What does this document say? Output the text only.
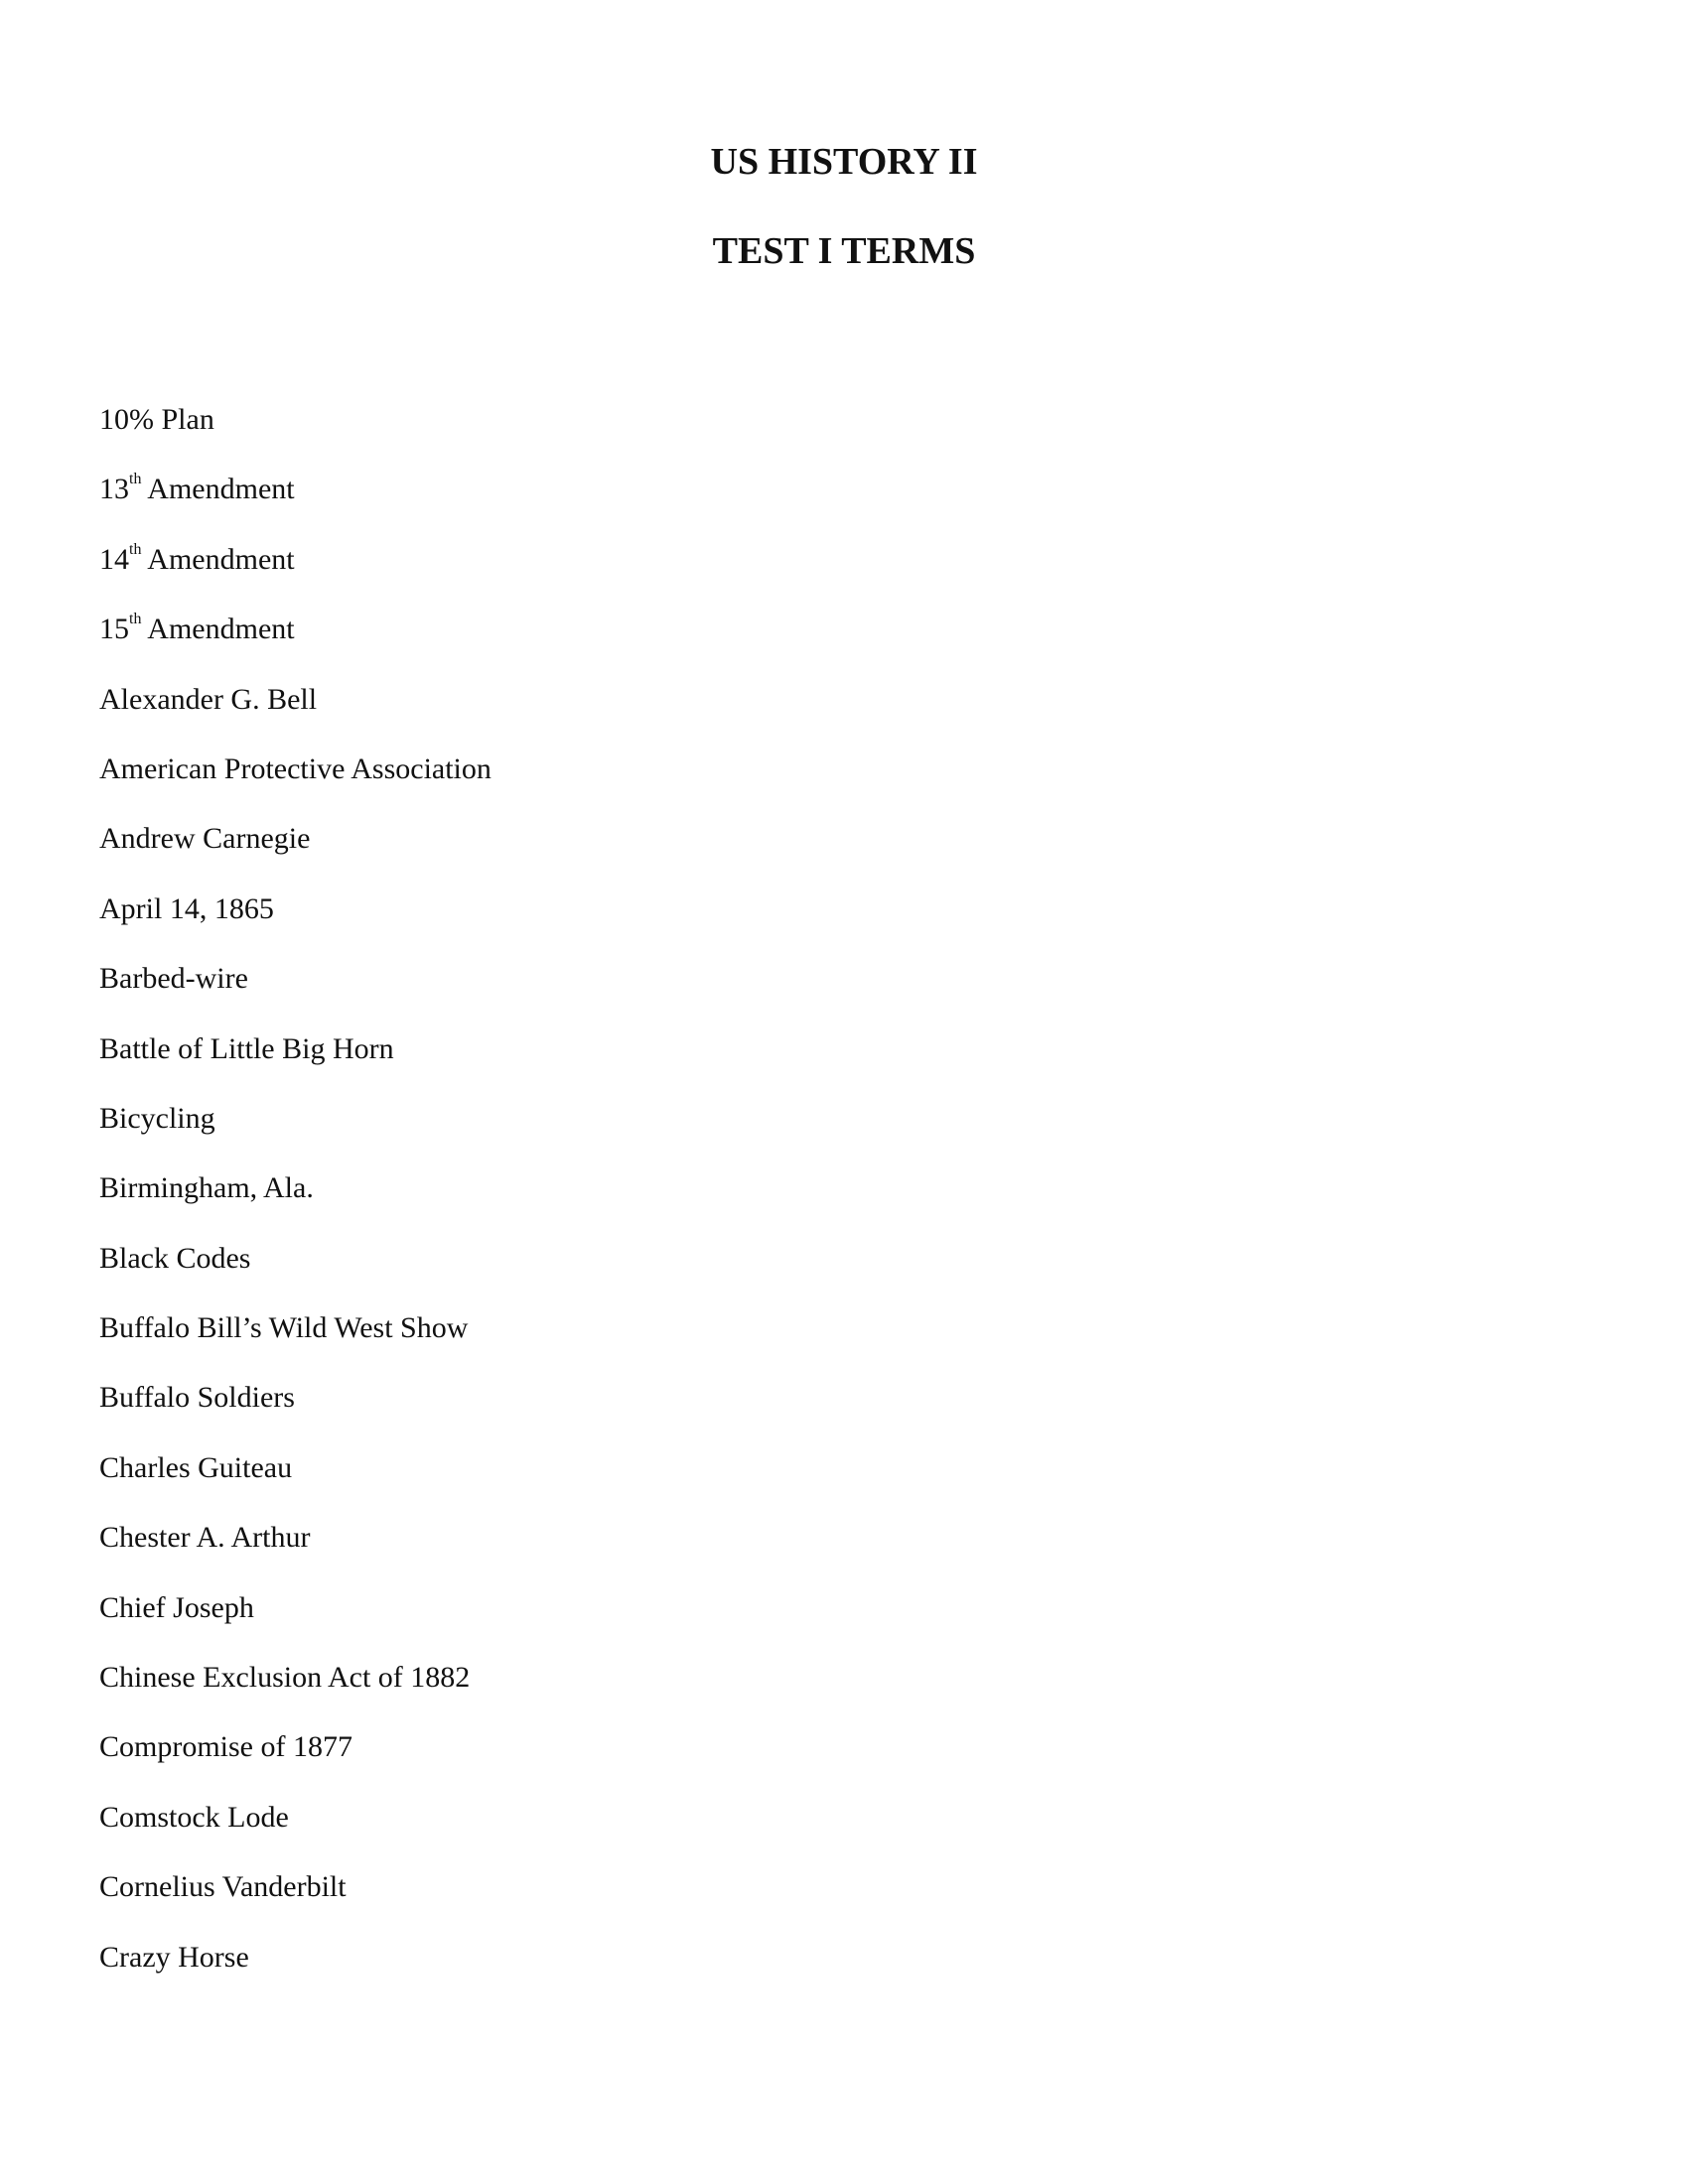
US HISTORY II
TEST I TERMS
10% Plan
13th Amendment
14th Amendment
15th Amendment
Alexander G. Bell
American Protective Association
Andrew Carnegie
April 14, 1865
Barbed-wire
Battle of Little Big Horn
Bicycling
Birmingham, Ala.
Black Codes
Buffalo Bill’s Wild West Show
Buffalo Soldiers
Charles Guiteau
Chester A. Arthur
Chief Joseph
Chinese Exclusion Act of 1882
Compromise of 1877
Comstock Lode
Cornelius Vanderbilt
Crazy Horse
